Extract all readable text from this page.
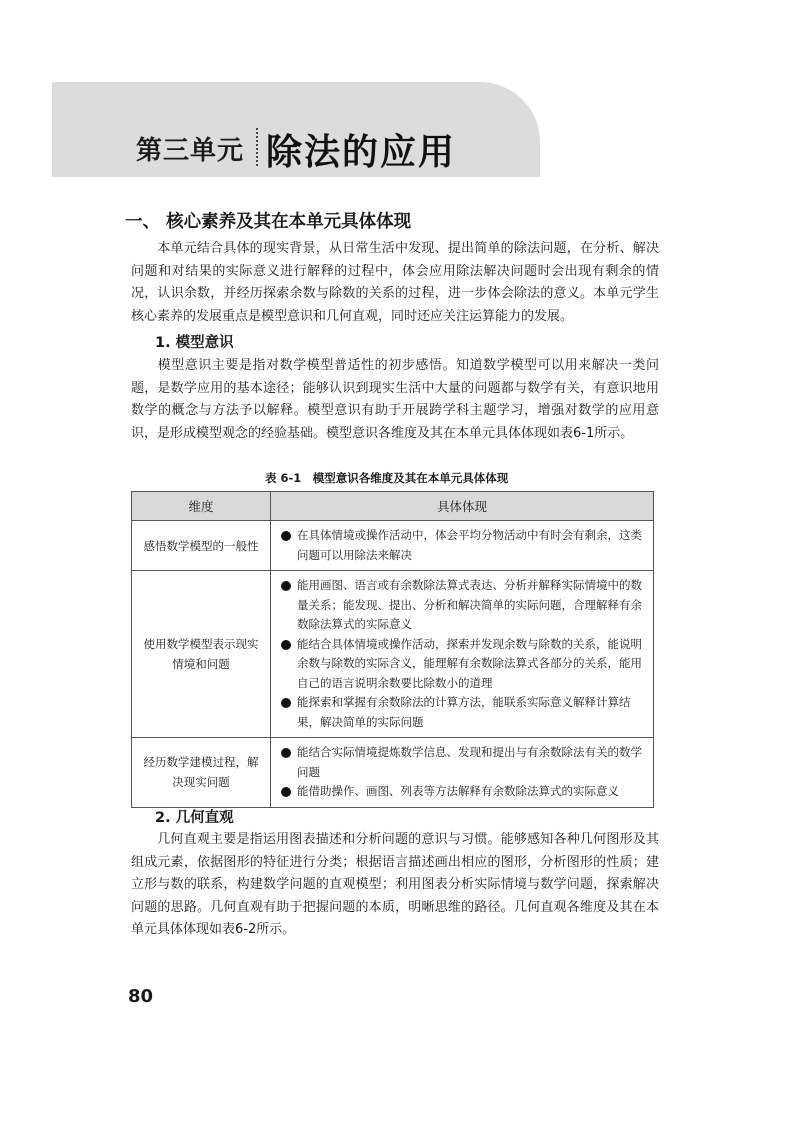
第三单元 除法的应用
一、 核心素养及其在本单元具体体现

本单元结合具体的现实背景，从日常生活中发现、提出简单的除法问题，在分析、解决问题和对结果的实际意义进行解释的过程中，体会应用除法解决问题时会出现有剩余的情况，认识余数，并经历探索余数与除数的关系的过程，进一步体会除法的意义。本单元学生核心素养的发展重点是模型意识和几何直观，同时还应关注运算能力的发展。

1. 模型意识

模型意识主要是指对数学模型普适性的初步感悟。知道数学模型可以用来解决一类问题，是数学应用的基本途径；能够认识到现实生活中大量的问题都与数学有关，有意识地用数学的概念与方法予以解释。模型意识有助于开展跨学科主题学习，增强对数学的应用意识，是形成模型观念的经验基础。模型意识各维度及其在本单元具体体现如表6-1所示。

表 6-1　模型意识各维度及其在本单元具体体现
维度	具体体现
感悟数学模型的一般性	在具体情境或操作活动中，体会平均分物活动中有时会有剩余，这类问题可以用除法来解决

使用数学模型表示现实情境和问题	能用画图、语言或有余数除法算式表达、分析并解释实际情境中的数量关系；能发现、提出、分析和解决简单的实际问题，合理解释有余数除法算式的实际意义
能结合具体情境或操作活动，探索并发现余数与除数的关系，能说明余数与除数的实际含义，能理解有余数除法算式各部分的关系，能用自己的语言说明余数要比除数小的道理
能探索和掌握有余数除法的计算方法，能联系实际意义解释计算结果，解决简单的实际问题

经历数学建模过程，解决现实问题	能结合实际情境提炼数学信息、发现和提出与有余数除法有关的数学问题
能借助操作、画图、列表等方法解释有余数除法算式的实际意义
2. 几何直观

几何直观主要是指运用图表描述和分析问题的意识与习惯。能够感知各种几何图形及其组成元素，依据图形的特征进行分类；根据语言描述画出相应的图形，分析图形的性质；建立形与数的联系，构建数学问题的直观模型；利用图表分析实际情境与数学问题，探索解决问题的思路。几何直观有助于把握问题的本质，明晰思维的路径。几何直观各维度及其在本单元具体体现如表6-2所示。

80
